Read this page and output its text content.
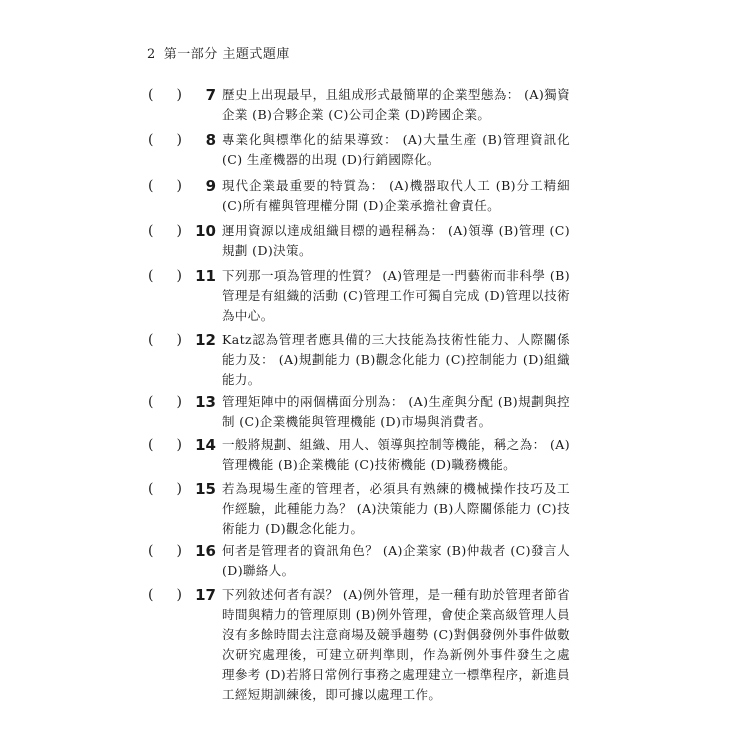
2 第一部分 主題式題庫
( )	7 歷史上出現最早，且組成形式最簡單的企業型態為： (A)獨資企業 (B)合夥企業 (C)公司企業 (D)跨國企業。
( )	8 專業化與標準化的結果導致： (A)大量生產 (B)管理資訊化 (C) 生產機器的出現 (D)行銷國際化。
( )	9 現代企業最重要的特質為： (A)機器取代人工 (B)分工精細 (C)所有權與管理權分開 (D)企業承擔社會責任。
( ) 10 運用資源以達成組織目標的過程稱為： (A)領導 (B)管理 (C)規劃 (D)決策。
( ) 11 下列那一項為管理的性質？ (A)管理是一門藝術而非科學 (B)管理是有組織的活動 (C)管理工作可獨自完成 (D)管理以技術為中心。
( ) 12 Katz認為管理者應具備的三大技能為技術性能力、人際關係能力及： (A)規劃能力 (B)觀念化能力 (C)控制能力 (D)組織能力。
( ) 13 管理矩陣中的兩個構面分別為： (A)生產與分配 (B)規劃與控制 (C)企業機能與管理機能 (D)市場與消費者。
( ) 14 一般將規劃、組織、用人、領導與控制等機能，稱之為： (A)管理機能 (B)企業機能 (C)技術機能 (D)職務機能。
( ) 15 若為現場生產的管理者，必須具有熟練的機械操作技巧及工作經驗，此種能力為？ (A)決策能力 (B)人際關係能力 (C)技術能力 (D)觀念化能力。
( ) 16 何者是管理者的資訊角色？ (A)企業家 (B)仲裁者 (C)發言人 (D)聯絡人。
( ) 17 下列敘述何者有誤？ (A)例外管理，是一種有助於管理者節省時間與精力的管理原則 (B)例外管理，會使企業高級管理人員沒有多餘時間去注意商場及競爭趨勢 (C)對偶發例外事件做數次研究處理後，可建立研判準則，作為新例外事件發生之處理參考 (D)若將日常例行事務之處理建立一標準程序，新進員工經短期訓練後，即可據以處理工作。
